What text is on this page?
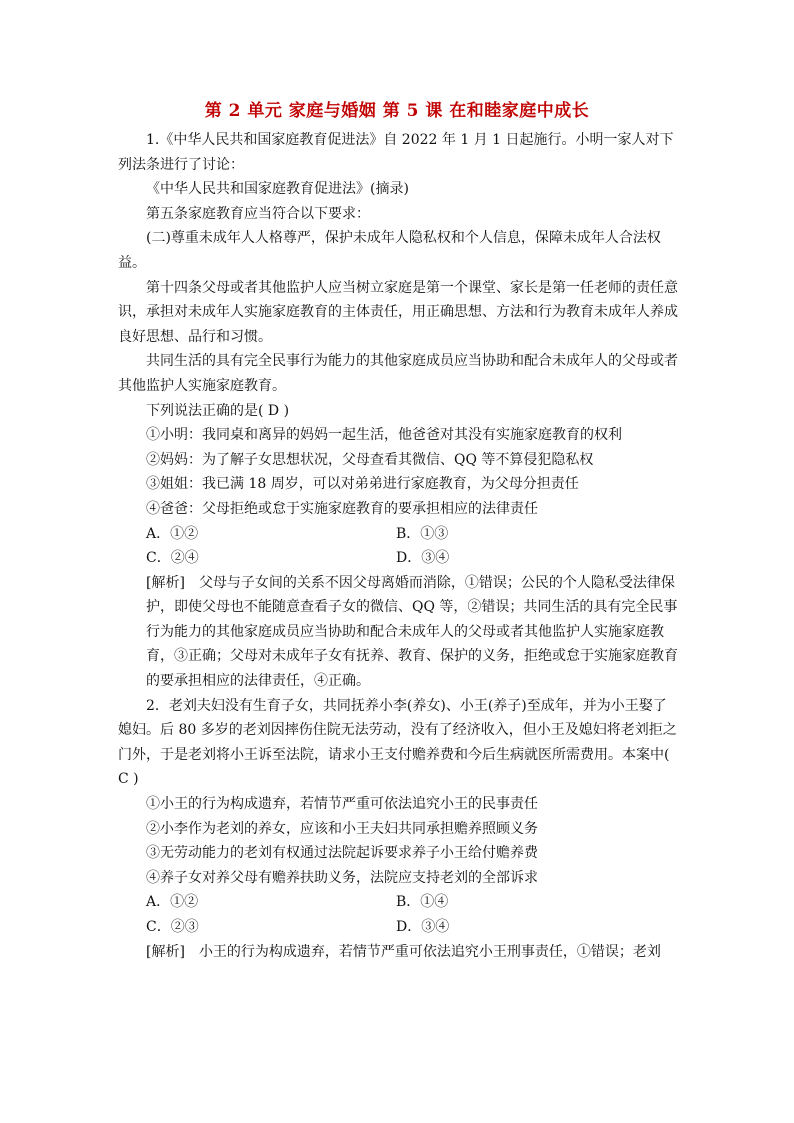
第 2 单元 家庭与婚姻 第 5 课 在和睦家庭中成长

1.《中华人民共和国家庭教育促进法》自 2022 年 1 月 1 日起施行。小明一家人对下列法条进行了讨论：

《中华人民共和国家庭教育促进法》(摘录)

第五条家庭教育应当符合以下要求：

(二)尊重未成年人人格尊严，保护未成年人隐私权和个人信息，保障未成年人合法权益。

第十四条父母或者其他监护人应当树立家庭是第一个课堂、家长是第一任老师的责任意识，承担对未成年人实施家庭教育的主体责任，用正确思想、方法和行为教育未成年人养成良好思想、品行和习惯。

共同生活的具有完全民事行为能力的其他家庭成员应当协助和配合未成年人的父母或者其他监护人实施家庭教育。

下列说法正确的是( D )

①小明：我同桌和离异的妈妈一起生活，他爸爸对其没有实施家庭教育的权利

②妈妈：为了解子女思想状况，父母查看其微信、QQ 等不算侵犯隐私权

③姐姐：我已满 18 周岁，可以对弟弟进行家庭教育，为父母分担责任

④爸爸：父母拒绝或怠于实施家庭教育的要承担相应的法律责任

A．①②	B．①③
C．②④	D．③④

[解析] 父母与子女间的关系不因父母离婚而消除，①错误；公民的个人隐私受法律保护，即使父母也不能随意查看子女的微信、QQ 等，②错误；共同生活的具有完全民事行为能力的其他家庭成员应当协助和配合未成年人的父母或者其他监护人实施家庭教育，③正确；父母对未成年子女有抚养、教育、保护的义务，拒绝或怠于实施家庭教育的要承担相应的法律责任，④正确。

2．老刘夫妇没有生育子女，共同抚养小李(养女)、小王(养子)至成年，并为小王娶了媳妇。后 80 多岁的老刘因摔伤住院无法劳动，没有了经济收入，但小王及媳妇将老刘拒之门外，于是老刘将小王诉至法院，请求小王支付赡养费和今后生病就医所需费用。本案中( C )

①小王的行为构成遗弃，若情节严重可依法追究小王的民事责任

②小李作为老刘的养女，应该和小王夫妇共同承担赡养照顾义务

③无劳动能力的老刘有权通过法院起诉要求养子小王给付赡养费

④养子女对养父母有赡养扶助义务，法院应支持老刘的全部诉求

A．①②	B．①④
C．②③	D．③④

[解析] 小王的行为构成遗弃，若情节严重可依法追究小王刑事责任，①错误；老刘
